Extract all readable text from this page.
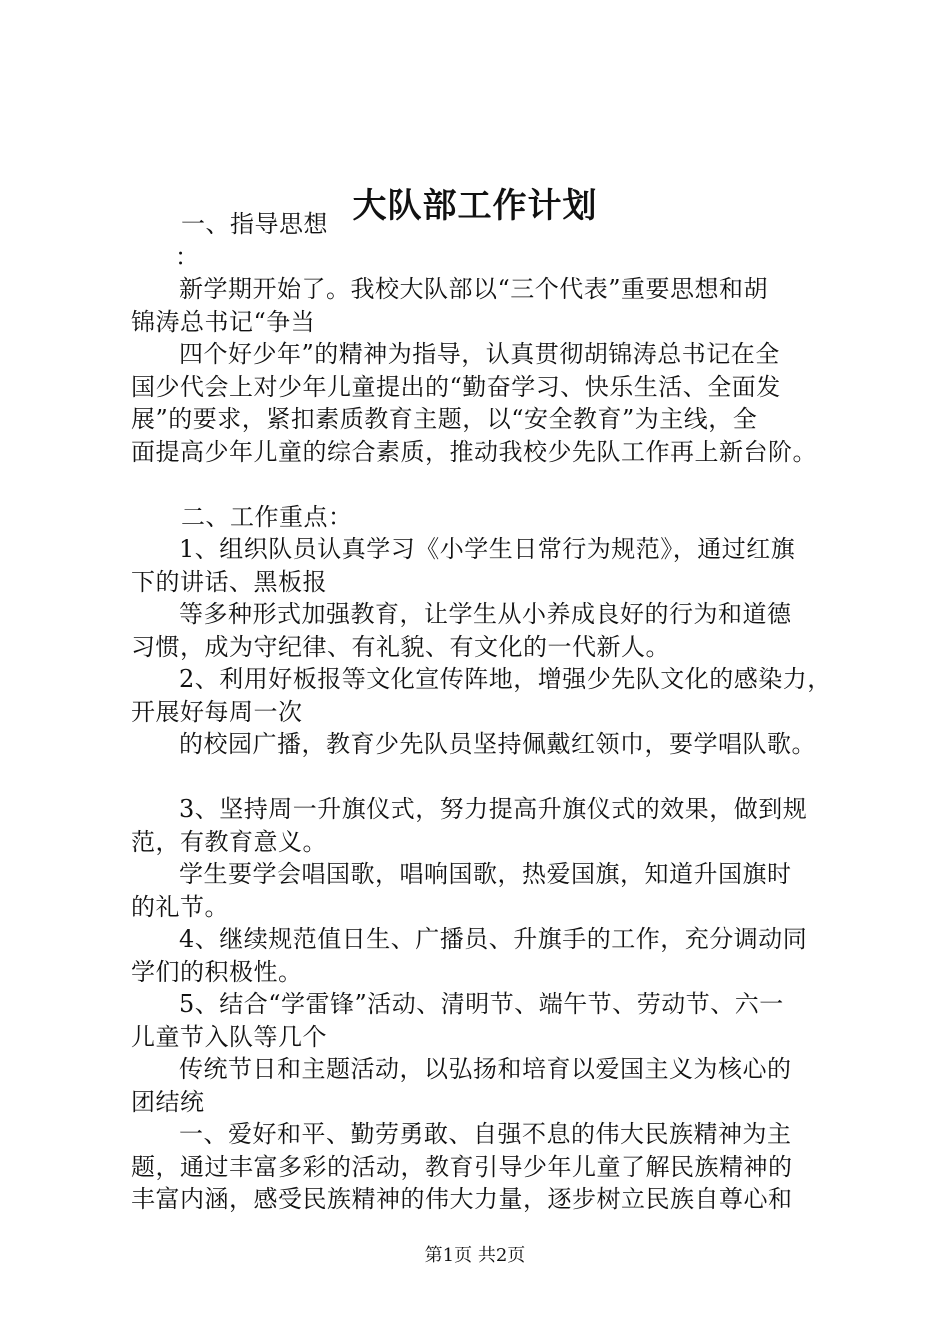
大队部工作计划
一、指导思想
：
新学期开始了。我校大队部以“三个代表”重要思想和胡
锦涛总书记“争当
四个好少年”的精神为指导，认真贯彻胡锦涛总书记在全
国少代会上对少年儿童提出的“勤奋学习、快乐生活、全面发
展”的要求，紧扣素质教育主题，以“安全教育”为主线，全
面提高少年儿童的综合素质，推动我校少先队工作再上新台阶。
二、工作重点：
1、组织队员认真学习《小学生日常行为规范》，通过红旗
下的讲话、黑板报
等多种形式加强教育，让学生从小养成良好的行为和道德
习惯，成为守纪律、有礼貌、有文化的一代新人。
2、利用好板报等文化宣传阵地，增强少先队文化的感染力，
开展好每周一次
的校园广播，教育少先队员坚持佩戴红领巾，要学唱队歌。
3、坚持周一升旗仪式，努力提高升旗仪式的效果，做到规
范，有教育意义。
学生要学会唱国歌，唱响国歌，热爱国旗，知道升国旗时
的礼节。
4、继续规范值日生、广播员、升旗手的工作，充分调动同
学们的积极性。
5、结合“学雷锋”活动、清明节、端午节、劳动节、六一
儿童节入队等几个
传统节日和主题活动，以弘扬和培育以爱国主义为核心的
团结统
一、爱好和平、勤劳勇敢、自强不息的伟大民族精神为主
题，通过丰富多彩的活动，教育引导少年儿童了解民族精神的
丰富内涵，感受民族精神的伟大力量，逐步树立民族自尊心和
第1页 共2页
